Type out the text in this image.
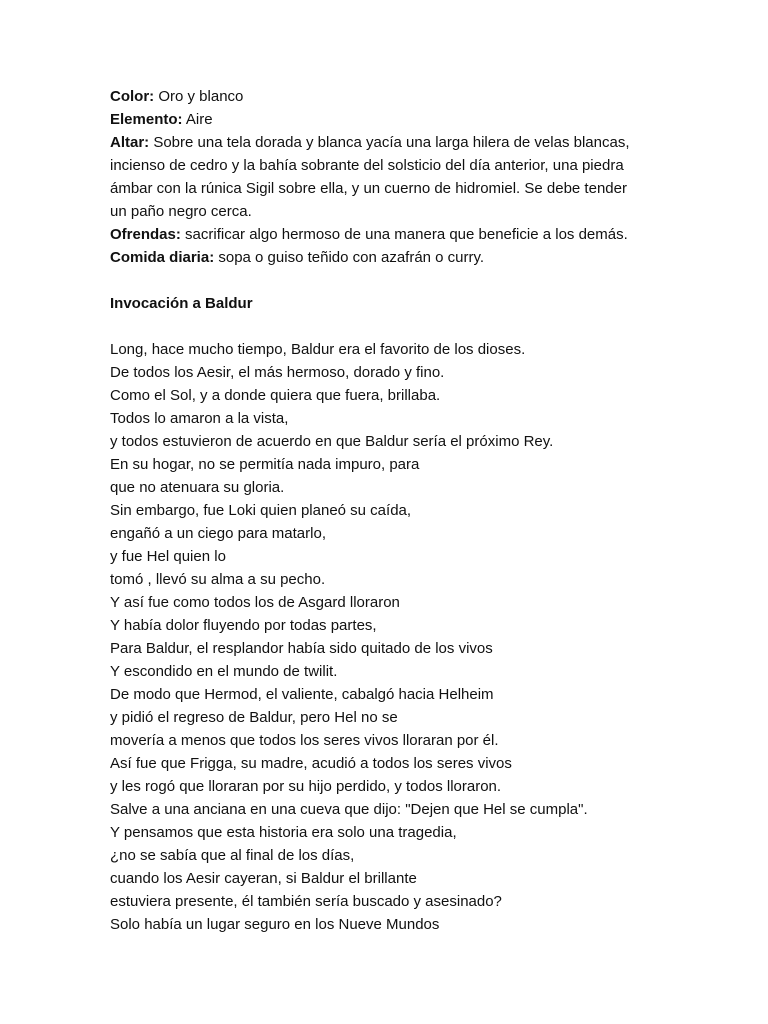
Color: Oro y blanco
Elemento: Aire
Altar: Sobre una tela dorada y blanca yacía una larga hilera de velas blancas,
incienso de cedro y la bahía sobrante del solsticio del día anterior, una piedra
ámbar con la rúnica Sigil sobre ella, y un cuerno de hidromiel. Se debe tender
un paño negro cerca.
Ofrendas: sacrificar algo hermoso de una manera que beneficie a los demás.
Comida diaria: sopa o guiso teñido con azafrán o curry.
Invocación a Baldur
Long, hace mucho tiempo, Baldur era el favorito de los dioses.
De todos los Aesir, el más hermoso, dorado y fino.
Como el Sol, y a donde quiera que fuera, brillaba.
Todos lo amaron a la vista,
y todos estuvieron de acuerdo en que Baldur sería el próximo Rey.
En su hogar, no se permitía nada impuro, para
que no atenuara su gloria.
Sin embargo, fue Loki quien planeó su caída,
engañó a un ciego para matarlo,
y fue Hel quien lo
tomó , llevó su alma a su pecho.
Y así fue como todos los de Asgard lloraron
Y había dolor fluyendo por todas partes,
Para Baldur, el resplandor había sido quitado de los vivos
Y escondido en el mundo de twilit.
De modo que Hermod, el valiente, cabalgó hacia Helheim
y pidió el regreso de Baldur, pero Hel no se
movería a menos que todos los seres vivos lloraran por él.
Así fue que Frigga, su madre, acudió a todos los seres vivos
y les rogó que lloraran por su hijo perdido, y todos lloraron.
Salve a una anciana en una cueva que dijo: "Dejen que Hel se cumpla".
Y pensamos que esta historia era solo una tragedia,
¿no se sabía que al final de los días,
cuando los Aesir cayeran, si Baldur el brillante
estuviera presente, él también sería buscado y asesinado?
Solo había un lugar seguro en los Nueve Mundos
